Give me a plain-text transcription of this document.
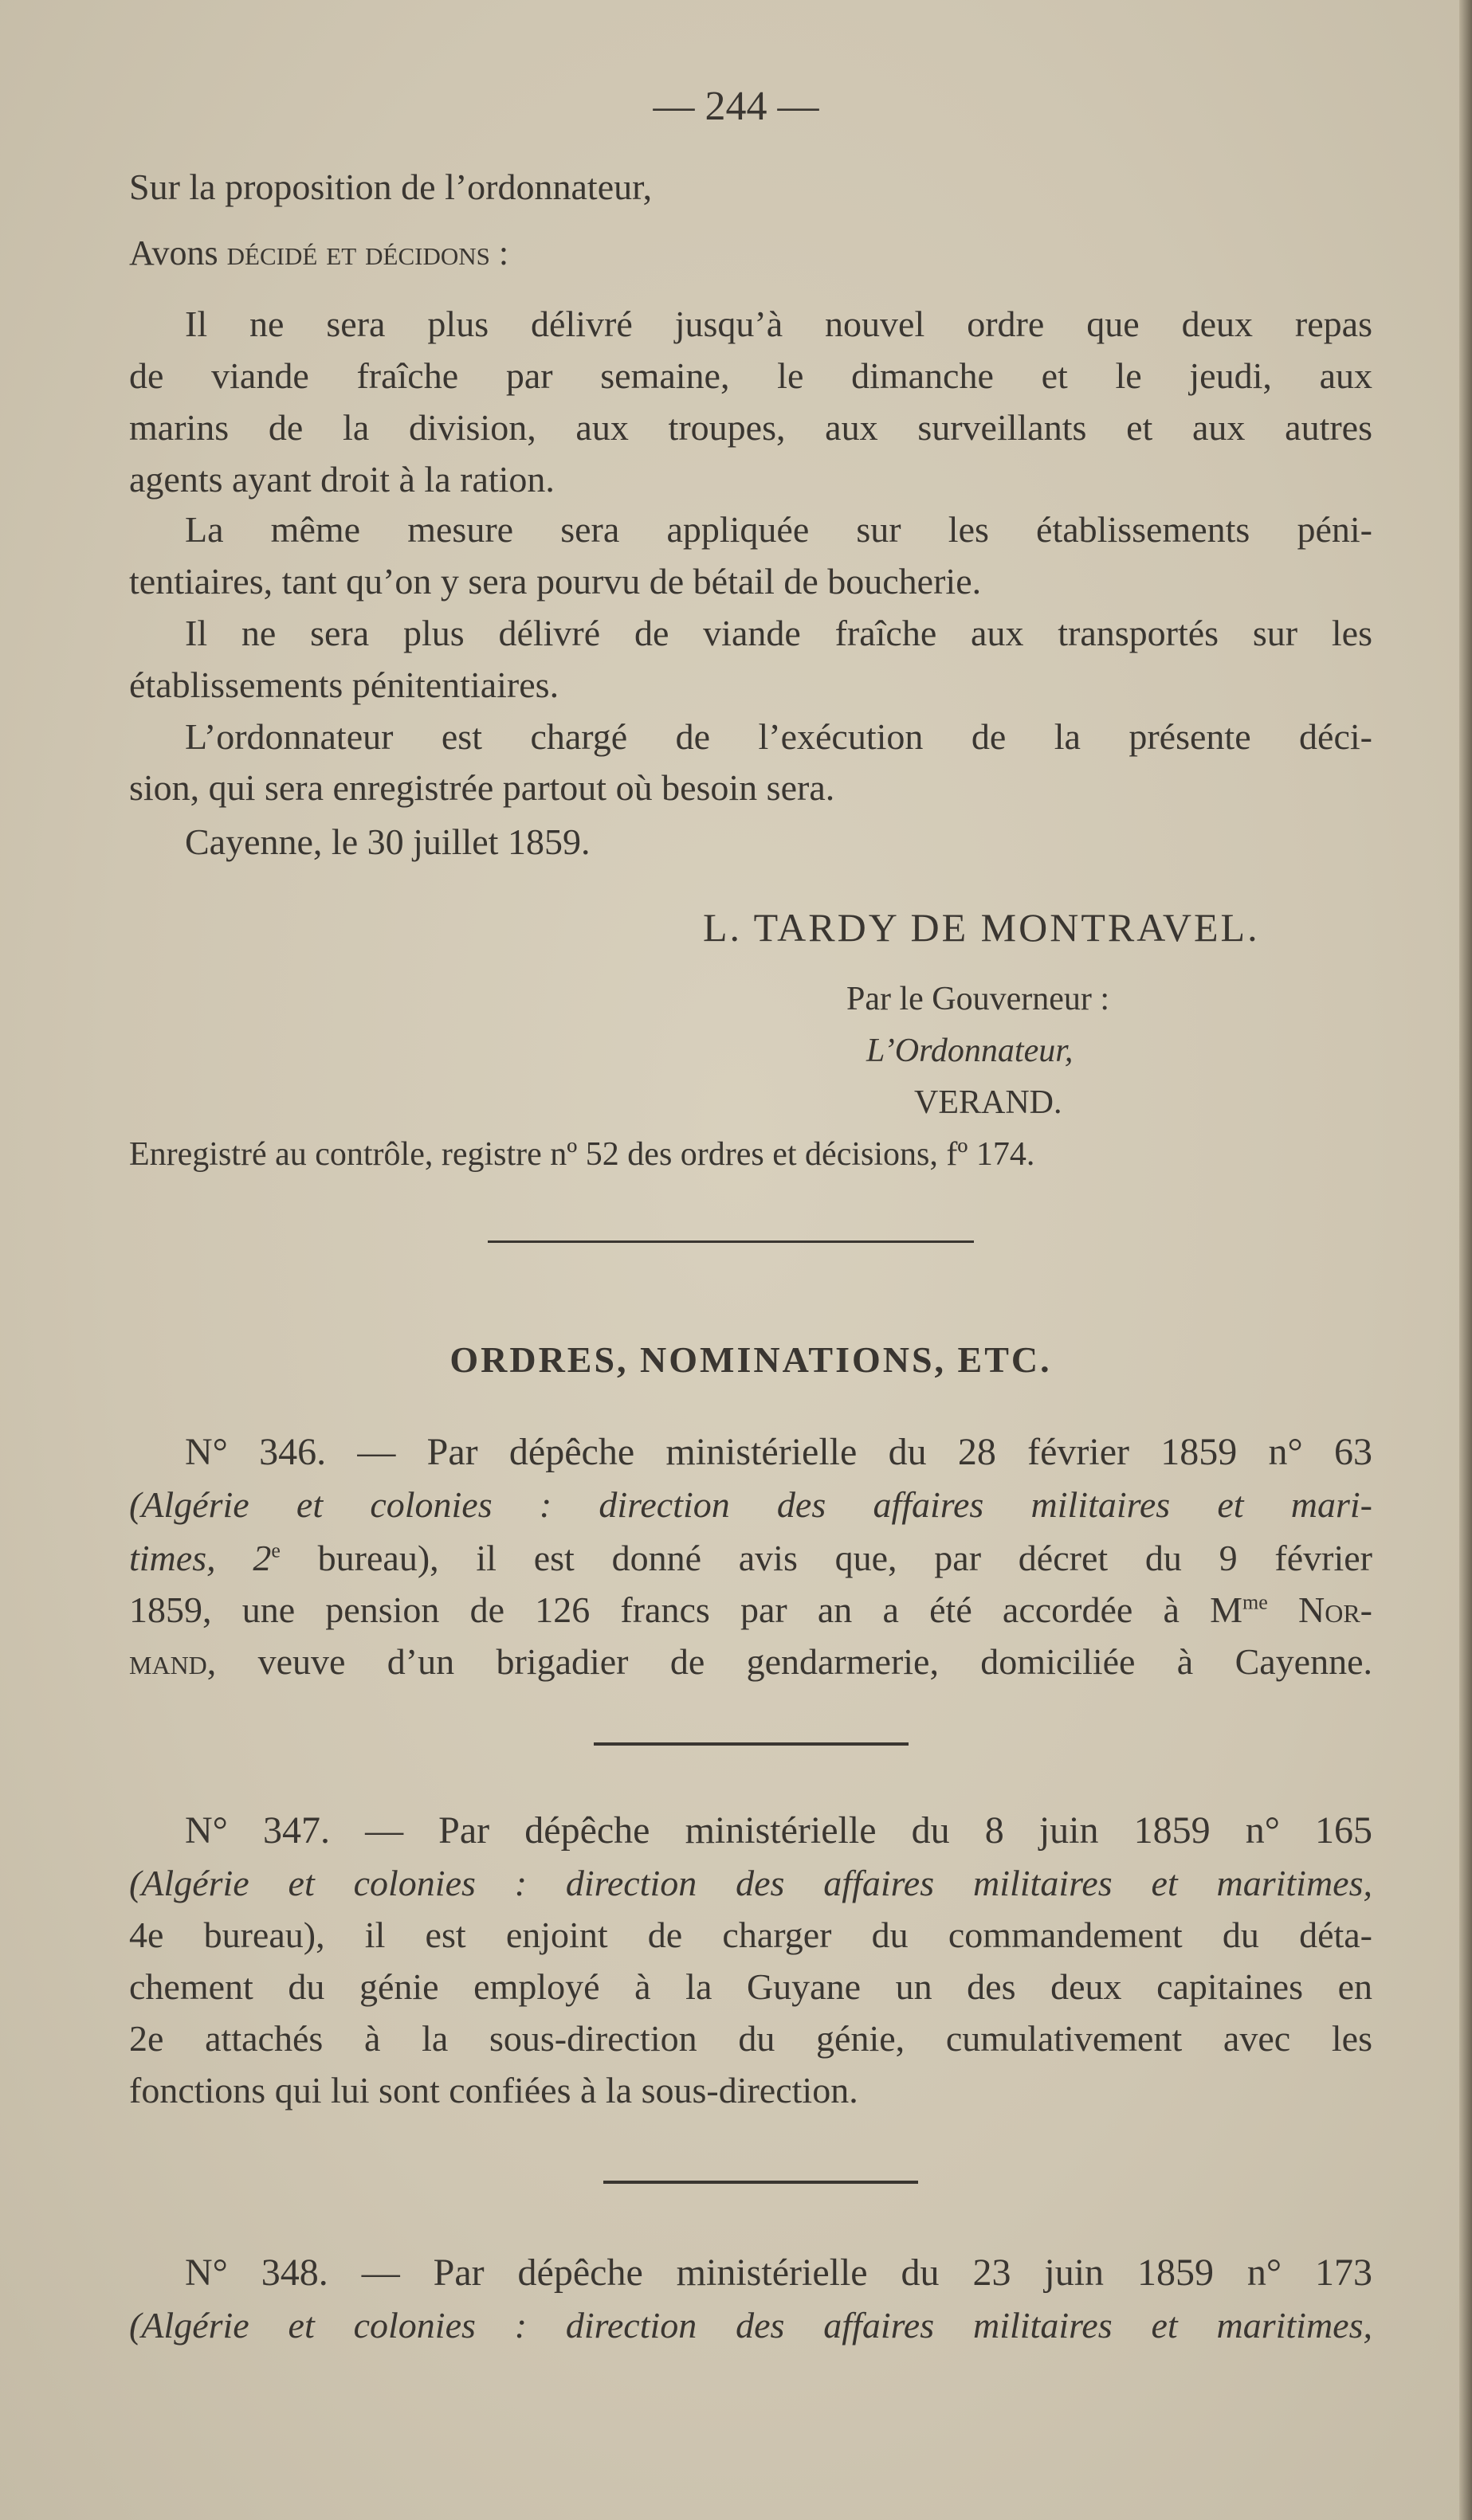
— 244 —
Sur la proposition de l’ordonnateur,
Avons décidé et décidons :
Il ne sera plus délivré jusqu’à nouvel ordre que deux repas
de viande fraîche par semaine, le dimanche et le jeudi, aux
marins de la division, aux troupes, aux surveillants et aux autres
agents ayant droit à la ration.
La même mesure sera appliquée sur les établissements péni-
tentiaires, tant qu’on y sera pourvu de bétail de boucherie.
Il ne sera plus délivré de viande fraîche aux transportés sur les
établissements pénitentiaires.
L’ordonnateur est chargé de l’exécution de la présente déci-
sion, qui sera enregistrée partout où besoin sera.
Cayenne, le 30 juillet 1859.
L. TARDY DE MONTRAVEL.
Par le Gouverneur :
L’Ordonnateur,
VERAND.
Enregistré au contrôle, registre nº 52 des ordres et décisions, fº 174.
ORDRES, NOMINATIONS, ETC.
N° 346. — Par dépêche ministérielle du 28 février 1859 n° 63
(Algérie et colonies : direction des affaires militaires et mari-
times, 2e bureau), il est donné avis que, par décret du 9 février
1859, une pension de 126 francs par an a été accordée à $M^{me}$ Nor-
mand, veuve d’un brigadier de gendarmerie, domiciliée à Cayenne.
N° 347. — Par dépêche ministérielle du 8 juin 1859 n° 165
(Algérie et colonies : direction des affaires militaires et maritimes,
4e bureau), il est enjoint de charger du commandement du déta-
chement du génie employé à la Guyane un des deux capitaines en
2e attachés à la sous-direction du génie, cumulativement avec les
fonctions qui lui sont confiées à la sous-direction.
N° 348. — Par dépêche ministérielle du 23 juin 1859 n° 173
(Algérie et colonies : direction des affaires militaires et maritimes,
